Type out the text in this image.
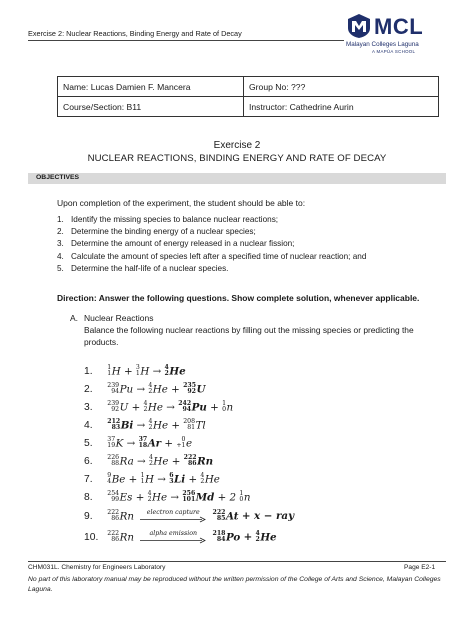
Exercise 2: Nuclear Reactions, Binding Energy and Rate of Decay	MCL
Malayan Colleges Laguna
A MAPÚA SCHOOL
Name: Lucas Damien F. Mancera	Group No: ???
Course/Section: B11	Instructor: Cathedrine Aurin
Exercise 2
NUCLEAR REACTIONS, BINDING ENERGY AND RATE OF DECAY
OBJECTIVES
Upon completion of the experiment, the student should be able to:
1. Identify the missing species to balance nuclear reactions;
2. Determine the binding energy of a nuclear species;
3. Determine the amount of energy released in a nuclear fission;
4. Calculate the amount of species left after a specified time of nuclear reaction; and
5. Determine the half-life of a nuclear species.
Direction: Answer the following questions. Show complete solution, whenever applicable.
A. Nuclear Reactions
Balance the following nuclear reactions by filling out the missing species or predicting the products.
1. 1
1 H + 3
1 H → 4
2 He
2. 239
94 Pu → 4
2 He + 235
92 U
3. 239
92 U + 4
2 He → 242
94 Pu + 1
0 n
4. 212
83 Bi → 4
2 He + 208
81 Tl
5. 37
19 K → 37
18 Ar +	0
+1 e
6. 226
88 Ra → 4
2 He + 222
86 Rn
7. 9
4 Be + 1
1 H → 6
3 Li + 4
2 He
8. 254
99 Es + 4
2 He → 256
101 Md + 2 1
0 n
9. 222
86 Rn electron capture
222
85 At + x − ray
10. 222
86 Rn alpha emission
218
84 Po + 4
2 He
CHM031L. Chemistry for Engineers Laboratory	Page E2-1
No part of this laboratory manual may be reproduced without the written permission of the College of Arts and Science, Malayan Colleges Laguna.
